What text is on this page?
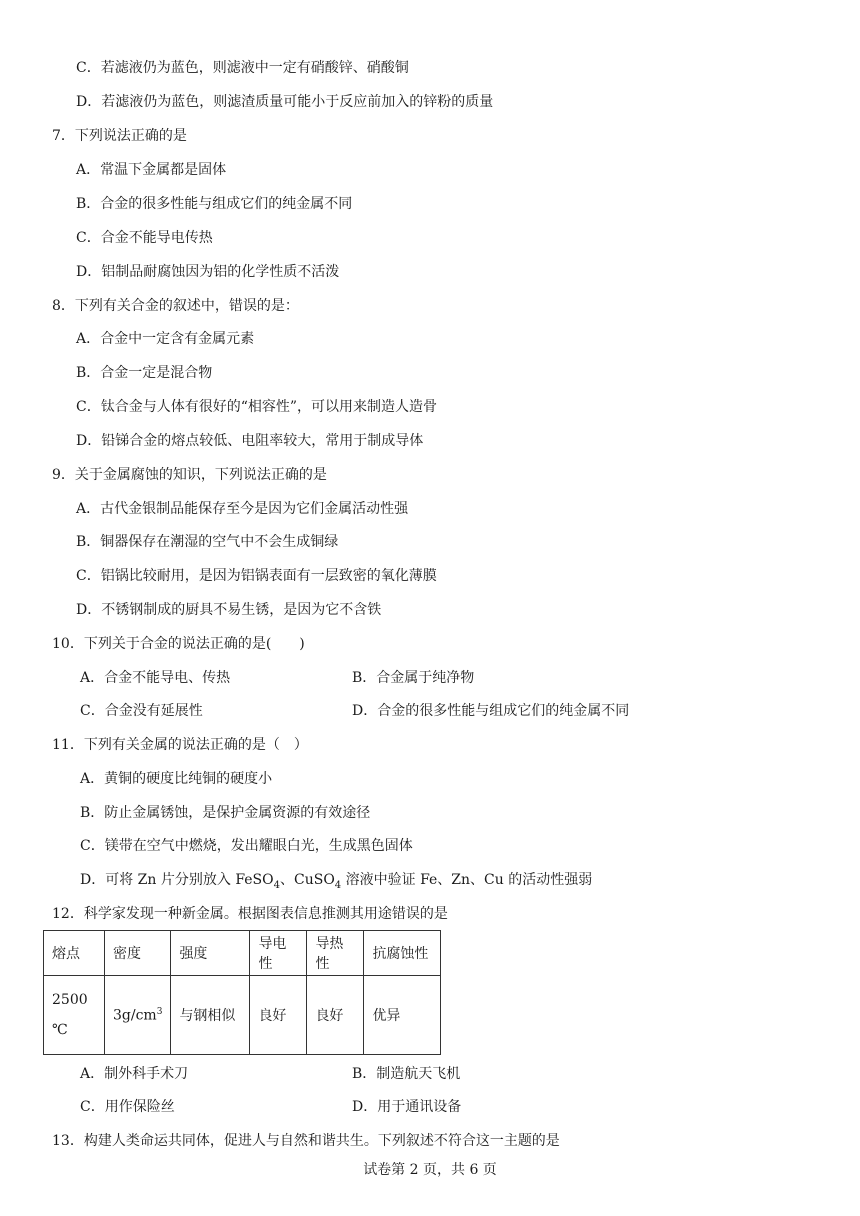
C．若滤液仍为蓝色，则滤液中一定有硝酸锌、硝酸铜
D．若滤液仍为蓝色，则滤渣质量可能小于反应前加入的锌粉的质量
7．下列说法正确的是
A．常温下金属都是固体
B．合金的很多性能与组成它们的纯金属不同
C．合金不能导电传热
D．铝制品耐腐蚀因为铝的化学性质不活泼
8．下列有关合金的叙述中，错误的是：
A．合金中一定含有金属元素
B．合金一定是混合物
C．钛合金与人体有很好的“相容性”，可以用来制造人造骨
D．铅锑合金的熔点较低、电阻率较大，常用于制成导体
9．关于金属腐蚀的知识，下列说法正确的是
A．古代金银制品能保存至今是因为它们金属活动性强
B．铜器保存在潮湿的空气中不会生成铜绿
C．铝锅比较耐用，是因为铝锅表面有一层致密的氧化薄膜
D．不锈钢制成的厨具不易生锈，是因为它不含铁
10．下列关于合金的说法正确的是(　　)
A．合金不能导电、传热	B．合金属于纯净物
C．合金没有延展性	D．合金的很多性能与组成它们的纯金属不同
11．下列有关金属的说法正确的是（　）
A．黄铜的硬度比纯铜的硬度小
B．防止金属锈蚀，是保护金属资源的有效途径
C．镁带在空气中燃烧，发出耀眼白光，生成黑色固体
D．可将 Zn 片分别放入 FeSO$_4$、CuSO$_4$ 溶液中验证 Fe、Zn、Cu 的活动性强弱
12．科学家发现一种新金属。根据图表信息推测其用途错误的是
熔点	密度	强度	导电性	导热性	抗腐蚀性
2500
℃	$3g/cm^3$	与钢相似	良好	良好	优异
A．制外科手术刀	B．制造航天飞机
C．用作保险丝	D．用于通讯设备
13．构建人类命运共同体，促进人与自然和谐共生。下列叙述不符合这一主题的是
试卷第 2 页，共 6 页
